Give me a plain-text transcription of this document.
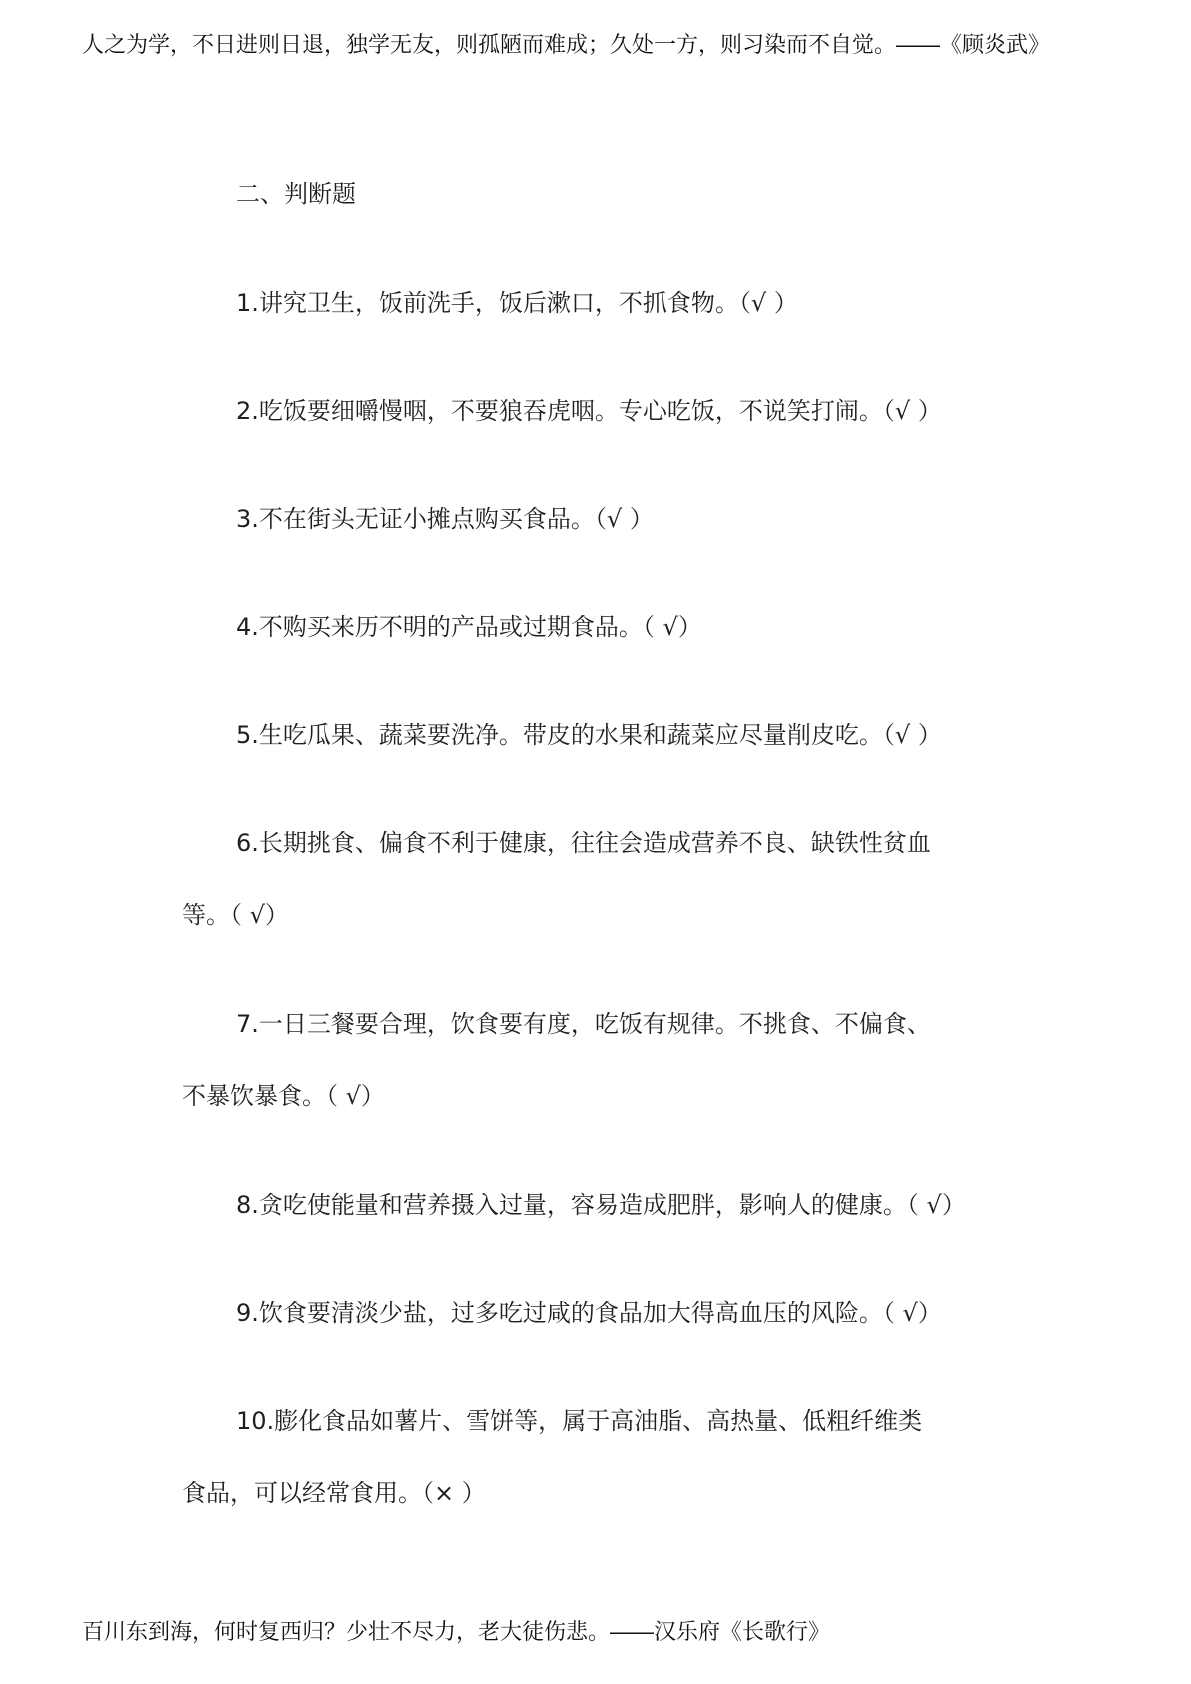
人之为学，不日进则日退，独学无友，则孤陋而难成；久处一方，则习染而不自觉。——《顾炎武》
二、判断题
1.讲究卫生，饭前洗手，饭后漱口，不抓食物。（√ ）
2.吃饭要细嚼慢咽，不要狼吞虎咽。专心吃饭，不说笑打闹。（√ ）
3.不在街头无证小摊点购买食品。（√ ）
4.不购买来历不明的产品或过期食品。（ √）
5.生吃瓜果、蔬菜要洗净。带皮的水果和蔬菜应尽量削皮吃。（√ ）
6.长期挑食、偏食不利于健康，往往会造成营养不良、缺铁性贫血
等。（ √）
7.一日三餐要合理，饮食要有度，吃饭有规律。不挑食、不偏食、
不暴饮暴食。（ √）
8.贪吃使能量和营养摄入过量，容易造成肥胖，影响人的健康。（ √）
9.饮食要清淡少盐，过多吃过咸的食品加大得高血压的风险。（ √）
10.膨化食品如薯片、雪饼等，属于高油脂、高热量、低粗纤维类
食品，可以经常食用。（× ）
百川东到海，何时复西归？少壮不尽力，老大徒伤悲。——汉乐府《长歌行》
